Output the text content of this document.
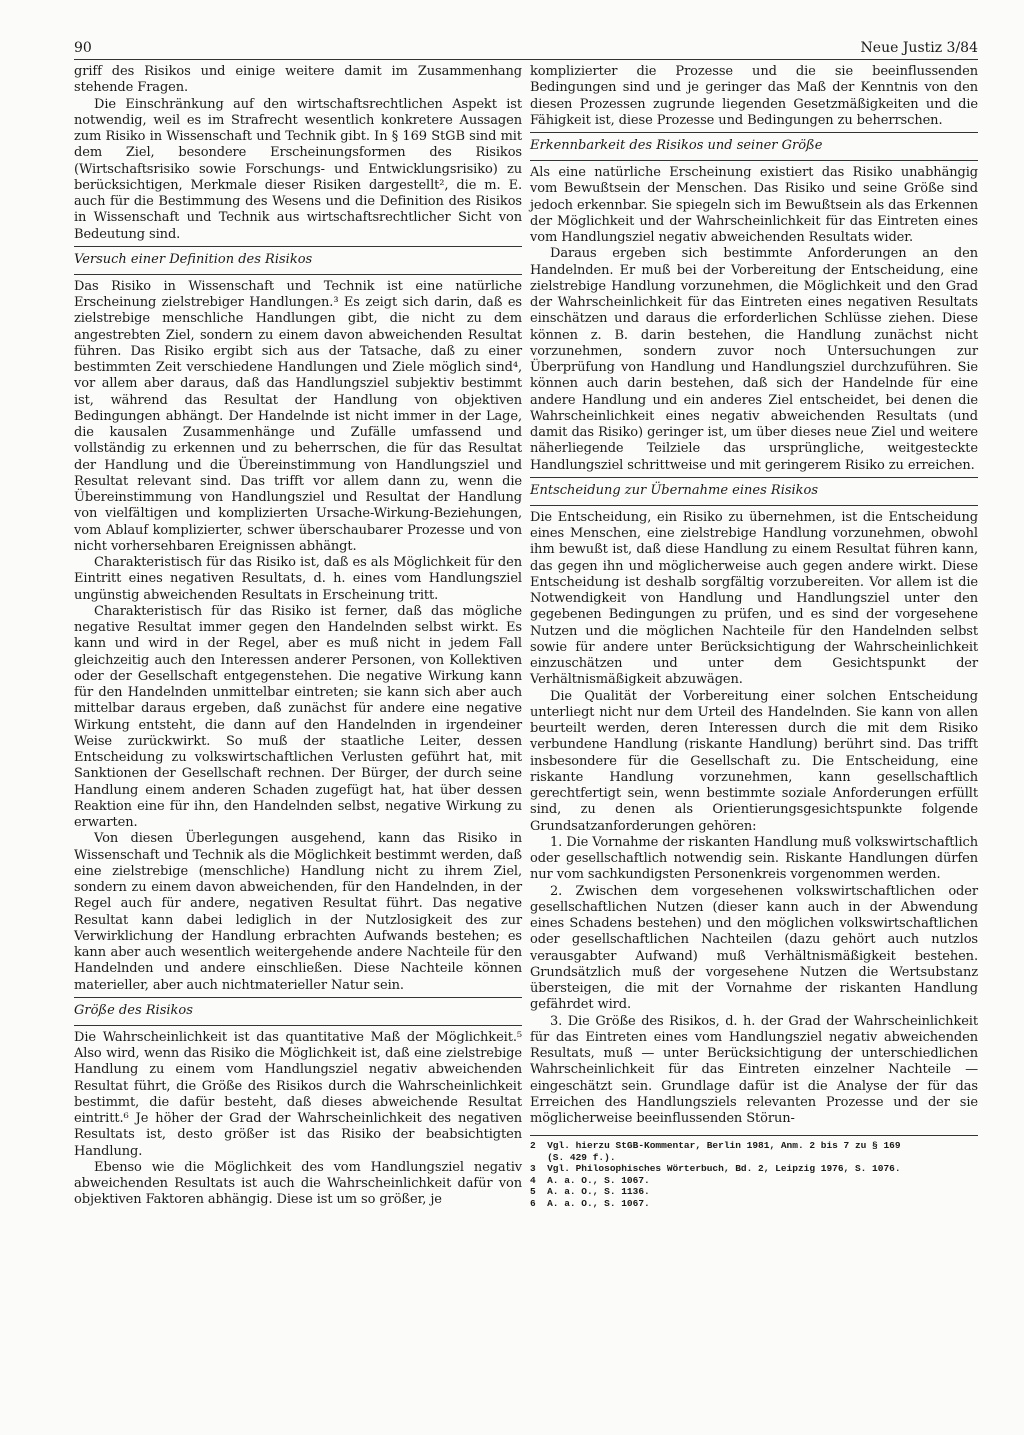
90	Neue Justiz 3/84

griff des Risikos und einige weitere damit im Zusammenhang stehende Fragen.

Die Einschränkung auf den wirtschaftsrechtlichen Aspekt ist notwendig, weil es im Strafrecht wesentlich konkretere Aussagen zum Risiko in Wissenschaft und Technik gibt. In § 169 StGB sind mit dem Ziel, besondere Erscheinungsformen des Risikos (Wirtschaftsrisiko sowie Forschungs- und Entwicklungsrisiko) zu berücksichtigen, Merkmale dieser Risiken dargestellt², die m. E. auch für die Bestimmung des Wesens und die Definition des Risikos in Wissenschaft und Technik aus wirtschaftsrechtlicher Sicht von Bedeutung sind.

Versuch einer Definition des Risikos

Das Risiko in Wissenschaft und Technik ist eine natürliche Erscheinung zielstrebiger Handlungen.³ Es zeigt sich darin, daß es zielstrebige menschliche Handlungen gibt, die nicht zu dem angestrebten Ziel, sondern zu einem davon abweichenden Resultat führen. Das Risiko ergibt sich aus der Tatsache, daß zu einer bestimmten Zeit verschiedene Handlungen und Ziele möglich sind⁴, vor allem aber daraus, daß das Handlungsziel subjektiv bestimmt ist, während das Resultat der Handlung von objektiven Bedingungen abhängt. Der Handelnde ist nicht immer in der Lage, die kausalen Zusammenhänge und Zufälle umfassend und vollständig zu erkennen und zu beherrschen, die für das Resultat der Handlung und die Übereinstimmung von Handlungsziel und Resultat relevant sind. Das trifft vor allem dann zu, wenn die Übereinstimmung von Handlungsziel und Resultat der Handlung von vielfältigen und komplizierten Ursache-Wirkung-Beziehungen, vom Ablauf komplizierter, schwer überschaubarer Prozesse und von nicht vorhersehbaren Ereignissen abhängt.

Charakteristisch für das Risiko ist, daß es als Möglichkeit für den Eintritt eines negativen Resultats, d. h. eines vom Handlungsziel ungünstig abweichenden Resultats in Erscheinung tritt.

Charakteristisch für das Risiko ist ferner, daß das mögliche negative Resultat immer gegen den Handelnden selbst wirkt. Es kann und wird in der Regel, aber es muß nicht in jedem Fall gleichzeitig auch den Interessen anderer Personen, von Kollektiven oder der Gesellschaft entgegenstehen. Die negative Wirkung kann für den Handelnden unmittelbar eintreten; sie kann sich aber auch mittelbar daraus ergeben, daß zunächst für andere eine negative Wirkung entsteht, die dann auf den Handelnden in irgendeiner Weise zurückwirkt. So muß der staatliche Leiter, dessen Entscheidung zu volkswirtschaftlichen Verlusten geführt hat, mit Sanktionen der Gesellschaft rechnen. Der Bürger, der durch seine Handlung einem anderen Schaden zugefügt hat, hat über dessen Reaktion eine für ihn, den Handelnden selbst, negative Wirkung zu erwarten.

Von diesen Überlegungen ausgehend, kann das Risiko in Wissenschaft und Technik als die Möglichkeit bestimmt werden, daß eine zielstrebige (menschliche) Handlung nicht zu ihrem Ziel, sondern zu einem davon abweichenden, für den Handelnden, in der Regel auch für andere, negativen Resultat führt. Das negative Resultat kann dabei lediglich in der Nutzlosigkeit des zur Verwirklichung der Handlung erbrachten Aufwands bestehen; es kann aber auch wesentlich weitergehende andere Nachteile für den Handelnden und andere einschließen. Diese Nachteile können materieller, aber auch nichtmaterieller Natur sein.

Größe des Risikos

Die Wahrscheinlichkeit ist das quantitative Maß der Möglichkeit.⁵ Also wird, wenn das Risiko die Möglichkeit ist, daß eine zielstrebige Handlung zu einem vom Handlungsziel negativ abweichenden Resultat führt, die Größe des Risikos durch die Wahrscheinlichkeit bestimmt, die dafür besteht, daß dieses abweichende Resultat eintritt.⁶ Je höher der Grad der Wahrscheinlichkeit des negativen Resultats ist, desto größer ist das Risiko der beabsichtigten Handlung.

Ebenso wie die Möglichkeit des vom Handlungsziel negativ abweichenden Resultats ist auch die Wahrscheinlichkeit dafür von objektiven Faktoren abhängig. Diese ist um so größer, je

komplizierter die Prozesse und die sie beeinflussenden Bedingungen sind und je geringer das Maß der Kenntnis von den diesen Prozessen zugrunde liegenden Gesetzmäßigkeiten und die Fähigkeit ist, diese Prozesse und Bedingungen zu beherrschen.

Erkennbarkeit des Risikos und seiner Größe

Als eine natürliche Erscheinung existiert das Risiko unabhängig vom Bewußtsein der Menschen. Das Risiko und seine Größe sind jedoch erkennbar. Sie spiegeln sich im Bewußtsein als das Erkennen der Möglichkeit und der Wahrscheinlichkeit für das Eintreten eines vom Handlungsziel negativ abweichenden Resultats wider.

Daraus ergeben sich bestimmte Anforderungen an den Handelnden. Er muß bei der Vorbereitung der Entscheidung, eine zielstrebige Handlung vorzunehmen, die Möglichkeit und den Grad der Wahrscheinlichkeit für das Eintreten eines negativen Resultats einschätzen und daraus die erforderlichen Schlüsse ziehen. Diese können z. B. darin bestehen, die Handlung zunächst nicht vorzunehmen, sondern zuvor noch Untersuchungen zur Überprüfung von Handlung und Handlungsziel durchzuführen. Sie können auch darin bestehen, daß sich der Handelnde für eine andere Handlung und ein anderes Ziel entscheidet, bei denen die Wahrscheinlichkeit eines negativ abweichenden Resultats (und damit das Risiko) geringer ist, um über dieses neue Ziel und weitere näherliegende Teilziele das ursprüngliche, weitgesteckte Handlungsziel schrittweise und mit geringerem Risiko zu erreichen.

Entscheidung zur Übernahme eines Risikos

Die Entscheidung, ein Risiko zu übernehmen, ist die Entscheidung eines Menschen, eine zielstrebige Handlung vorzunehmen, obwohl ihm bewußt ist, daß diese Handlung zu einem Resultat führen kann, das gegen ihn und möglicherweise auch gegen andere wirkt. Diese Entscheidung ist deshalb sorgfältig vorzubereiten. Vor allem ist die Notwendigkeit von Handlung und Handlungsziel unter den gegebenen Bedingungen zu prüfen, und es sind der vorgesehene Nutzen und die möglichen Nachteile für den Handelnden selbst sowie für andere unter Berücksichtigung der Wahrscheinlichkeit einzuschätzen und unter dem Gesichtspunkt der Verhältnismäßigkeit abzuwägen.

Die Qualität der Vorbereitung einer solchen Entscheidung unterliegt nicht nur dem Urteil des Handelnden. Sie kann von allen beurteilt werden, deren Interessen durch die mit dem Risiko verbundene Handlung (riskante Handlung) berührt sind. Das trifft insbesondere für die Gesellschaft zu. Die Entscheidung, eine riskante Handlung vorzunehmen, kann gesellschaftlich gerechtfertigt sein, wenn bestimmte soziale Anforderungen erfüllt sind, zu denen als Orientierungsgesichtspunkte folgende Grundsatzanforderungen gehören:

1. Die Vornahme der riskanten Handlung muß volkswirtschaftlich oder gesellschaftlich notwendig sein. Riskante Handlungen dürfen nur vom sachkundigsten Personenkreis vorgenommen werden.

2. Zwischen dem vorgesehenen volkswirtschaftlichen oder gesellschaftlichen Nutzen (dieser kann auch in der Abwendung eines Schadens bestehen) und den möglichen volkswirtschaftlichen oder gesellschaftlichen Nachteilen (dazu gehört auch nutzlos verausgabter Aufwand) muß Verhältnismäßigkeit bestehen. Grundsätzlich muß der vorgesehene Nutzen die Wertsubstanz übersteigen, die mit der Vornahme der riskanten Handlung gefährdet wird.

3. Die Größe des Risikos, d. h. der Grad der Wahrscheinlichkeit für das Eintreten eines vom Handlungsziel negativ abweichenden Resultats, muß — unter Berücksichtigung der unterschiedlichen Wahrscheinlichkeit für das Eintreten einzelner Nachteile — eingeschätzt sein. Grundlage dafür ist die Analyse der für das Erreichen des Handlungsziels relevanten Prozesse und der sie möglicherweise beeinflussenden Störun-

2  Vgl. hierzu StGB-Kommentar, Berlin 1981, Anm. 2 bis 7 zu § 169
(S. 429 f.).
3  Vgl. Philosophisches Wörterbuch, Bd. 2, Leipzig 1976, S. 1076.
4  A. a. O., S. 1067.
5  A. a. O., S. 1136.
6  A. a. O., S. 1067.
